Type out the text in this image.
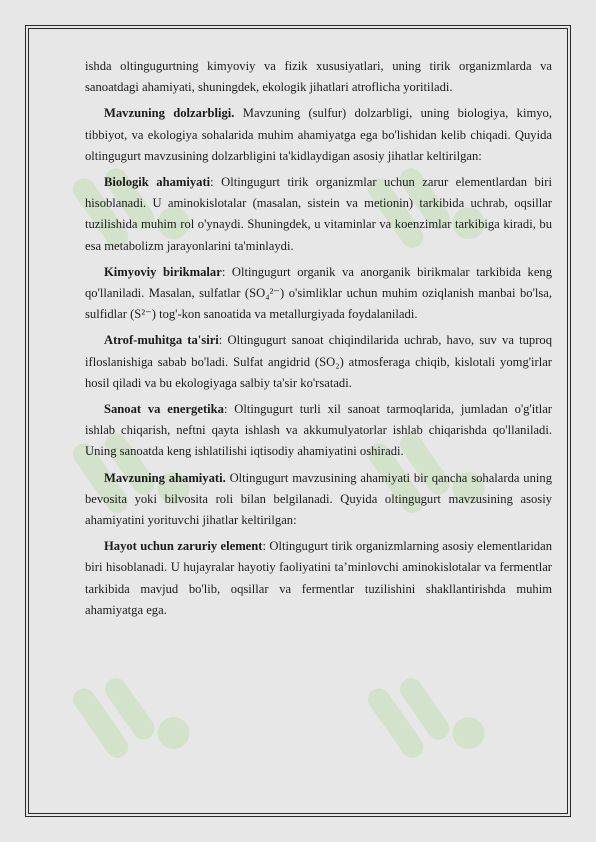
ishda oltingugurtning kimyoviy va fizik xususiyatlari, uning tirik organizmlarda va sanoatdagi ahamiyati, shuningdek, ekologik jihatlari atroflicha yoritiladi.

Mavzuning dolzarbligi. Mavzuning (sulfur) dolzarbligi, uning biologiya, kimyo, tibbiyot, va ekologiya sohalarida muhim ahamiyatga ega bo'lishidan kelib chiqadi. Quyida oltingugurt mavzusining dolzarbligini ta'kidlaydigan asosiy jihatlar keltirilgan:

Biologik ahamiyati: Oltingugurt tirik organizmlar uchun zarur elementlardan biri hisoblanadi. U aminokislotalar (masalan, sistein va metionin) tarkibida uchrab, oqsillar tuzilishida muhim rol o'ynaydi. Shuningdek, u vitaminlar va koenzimlar tarkibiga kiradi, bu esa metabolizm jarayonlarini ta'minlaydi.

Kimyoviy birikmalar: Oltingugurt organik va anorganik birikmalar tarkibida keng qo'llaniladi. Masalan, sulfatlar (SO₄²⁻) o'simliklar uchun muhim oziqlanish manbai bo'lsa, sulfidlar (S²⁻) tog'-kon sanoatida va metallurgiyada foydalaniladi.

Atrof-muhitga ta'siri: Oltingugurt sanoat chiqindilarida uchrab, havo, suv va tuproq ifloslanishiga sabab bo'ladi. Sulfat angidrid (SO₂) atmosferaga chiqib, kislotali yomg'irlar hosil qiladi va bu ekologiyaga salbiy ta'sir ko'rsatadi.

Sanoat va energetika: Oltingugurt turli xil sanoat tarmoqlarida, jumladan o'g'itlar ishlab chiqarish, neftni qayta ishlash va akkumulyatorlar ishlab chiqarishda qo'llaniladi. Uning sanoatda keng ishlatilishi iqtisodiy ahamiyatini oshiradi.

Mavzuning ahamiyati. Oltingugurt mavzusining ahamiyati bir qancha sohalarda uning bevosita yoki bilvosita roli bilan belgilanadi. Quyida oltingugurt mavzusining asosiy ahamiyatini yorituvchi jihatlar keltirilgan:

Hayot uchun zaruriy element: Oltingugurt tirik organizmlarning asosiy elementlaridan biri hisoblanadi. U hujayralar hayotiy faoliyatini ta’minlovchi aminokislotalar va fermentlar tarkibida mavjud bo'lib, oqsillar va fermentlar tuzilishini shakllantirishda muhim ahamiyatga ega.
